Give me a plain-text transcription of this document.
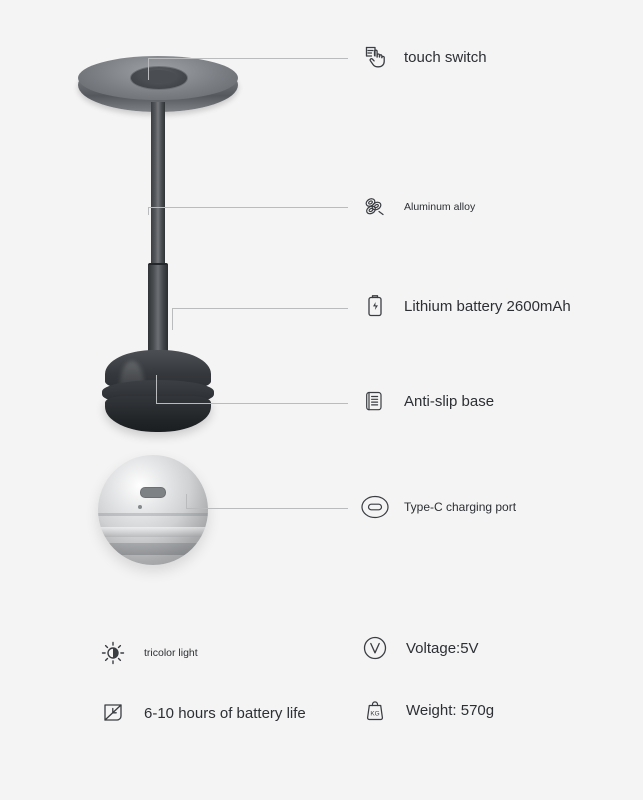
touch switch
Aluminum alloy
Lithium battery 2600mAh
Anti-slip base
Type-C charging port
tricolor light	Voltage:5V
6-10 hours of battery life	KG Weight: 570g
